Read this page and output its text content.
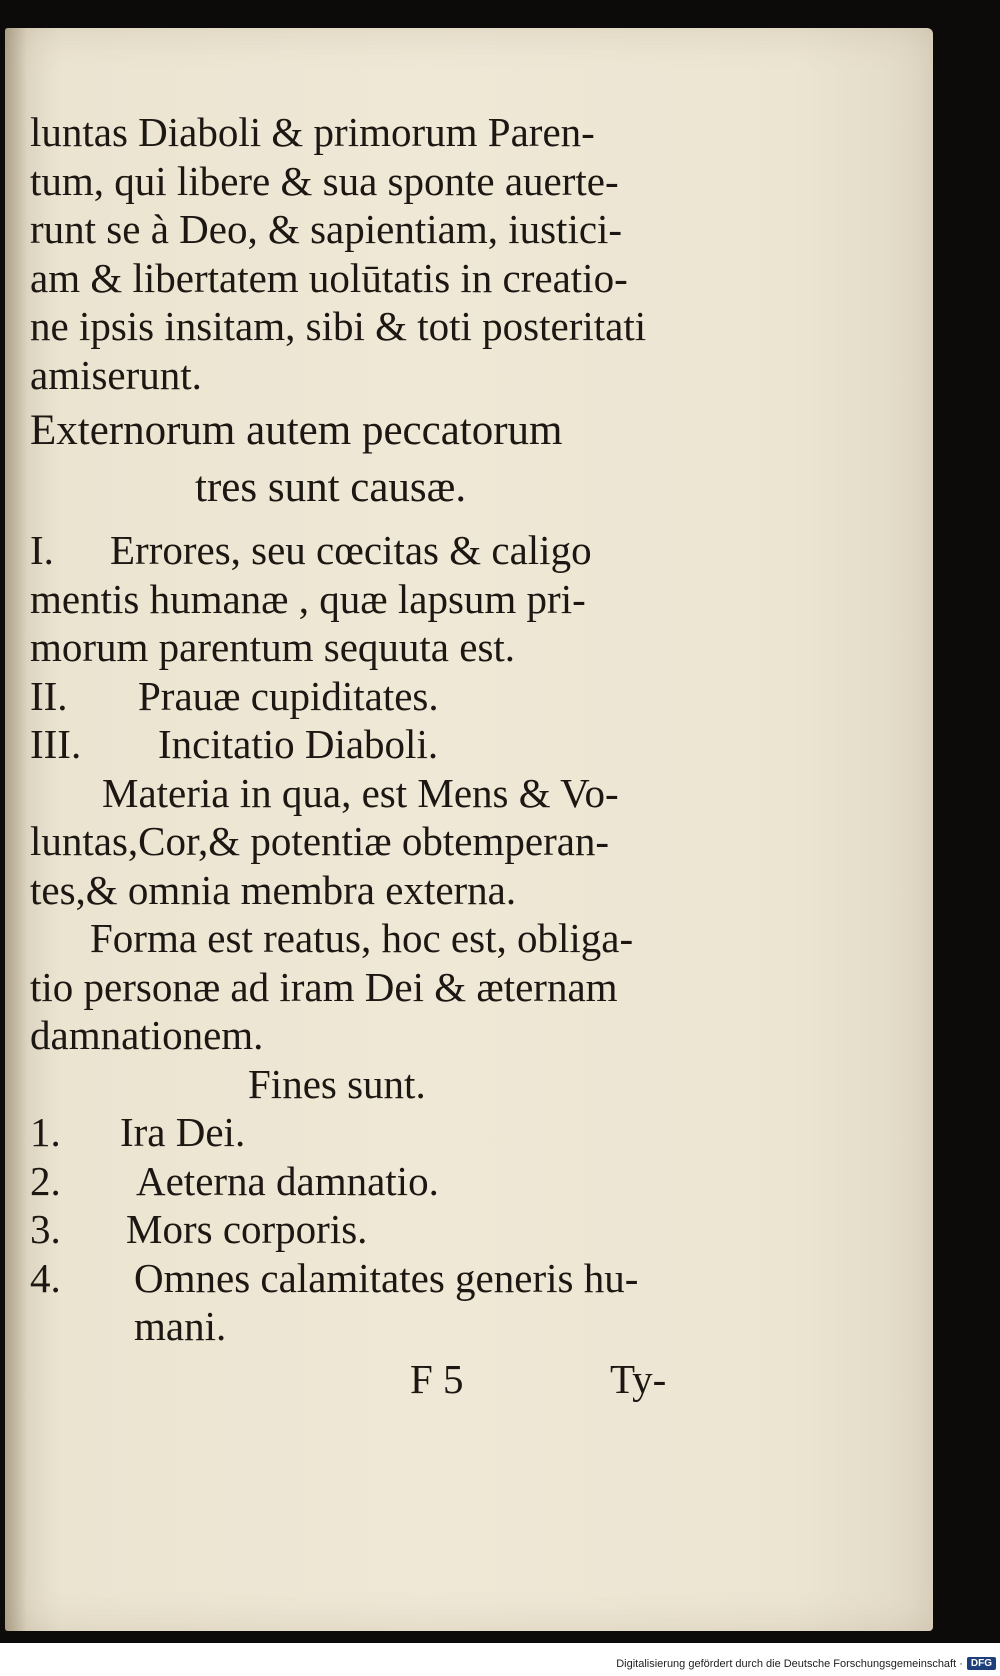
luntas Diaboli & primorum Paren-
tum, qui libere & sua sponte auerte-
runt se à Deo, & sapientiam, iustici-
am & libertatem uolūtatis in creatio-
ne ipsis insitam, sibi & toti posteritati
amiserunt.
Externorum autem peccatorum
tres sunt causæ.
I.	Errores, seu cœcitas & caligo
mentis humanæ , quæ lapsum pri-
morum parentum sequuta est.
II.	Prauæ cupiditates.
III.	Incitatio Diaboli.
Materia in qua, est Mens & Vo-
luntas,Cor,& potentiæ obtemperan-
tes,& omnia membra externa.
Forma est reatus, hoc est, obliga-
tio personæ ad iram Dei & æternam
damnationem.
Fines sunt.
1.	Ira Dei.
2.	Aeterna damnatio.
3.	Mors corporis.
4.	Omnes calamitates generis hu-
mani.
F 5	Ty-
Digitalisierung gefördert durch die Deutsche Forschungsgemeinschaft · DFG
